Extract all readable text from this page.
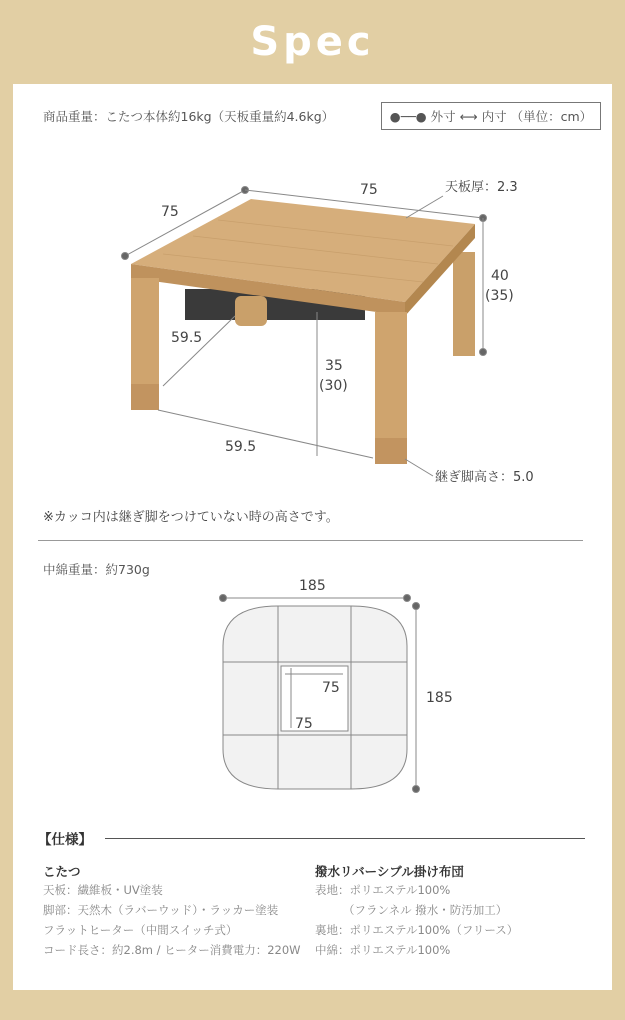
Spec
商品重量：こたつ本体約16kg（天板重量約4.6kg）	●──● 外寸 ⟷ 内寸 （単位：cm）
75
75	天板厚：2.3
40
(35)
59.5
35
(30)
59.5
継ぎ脚高さ：5.0
※カッコ内は継ぎ脚をつけていない時の高さです。
中綿重量：約730g
185
185
75
75
【仕様】
こたつ
天板：繊維板・UV塗装
脚部：天然木（ラバーウッド）・ラッカー塗装
フラットヒーター（中間スイッチ式）
コード長さ：約2.8m / ヒーター消費電力：220W
撥水リバーシブル掛け布団
表地：ポリエステル100%
（フランネル 撥水・防汚加工）
裏地：ポリエステル100%（フリース）
中綿：ポリエステル100%
